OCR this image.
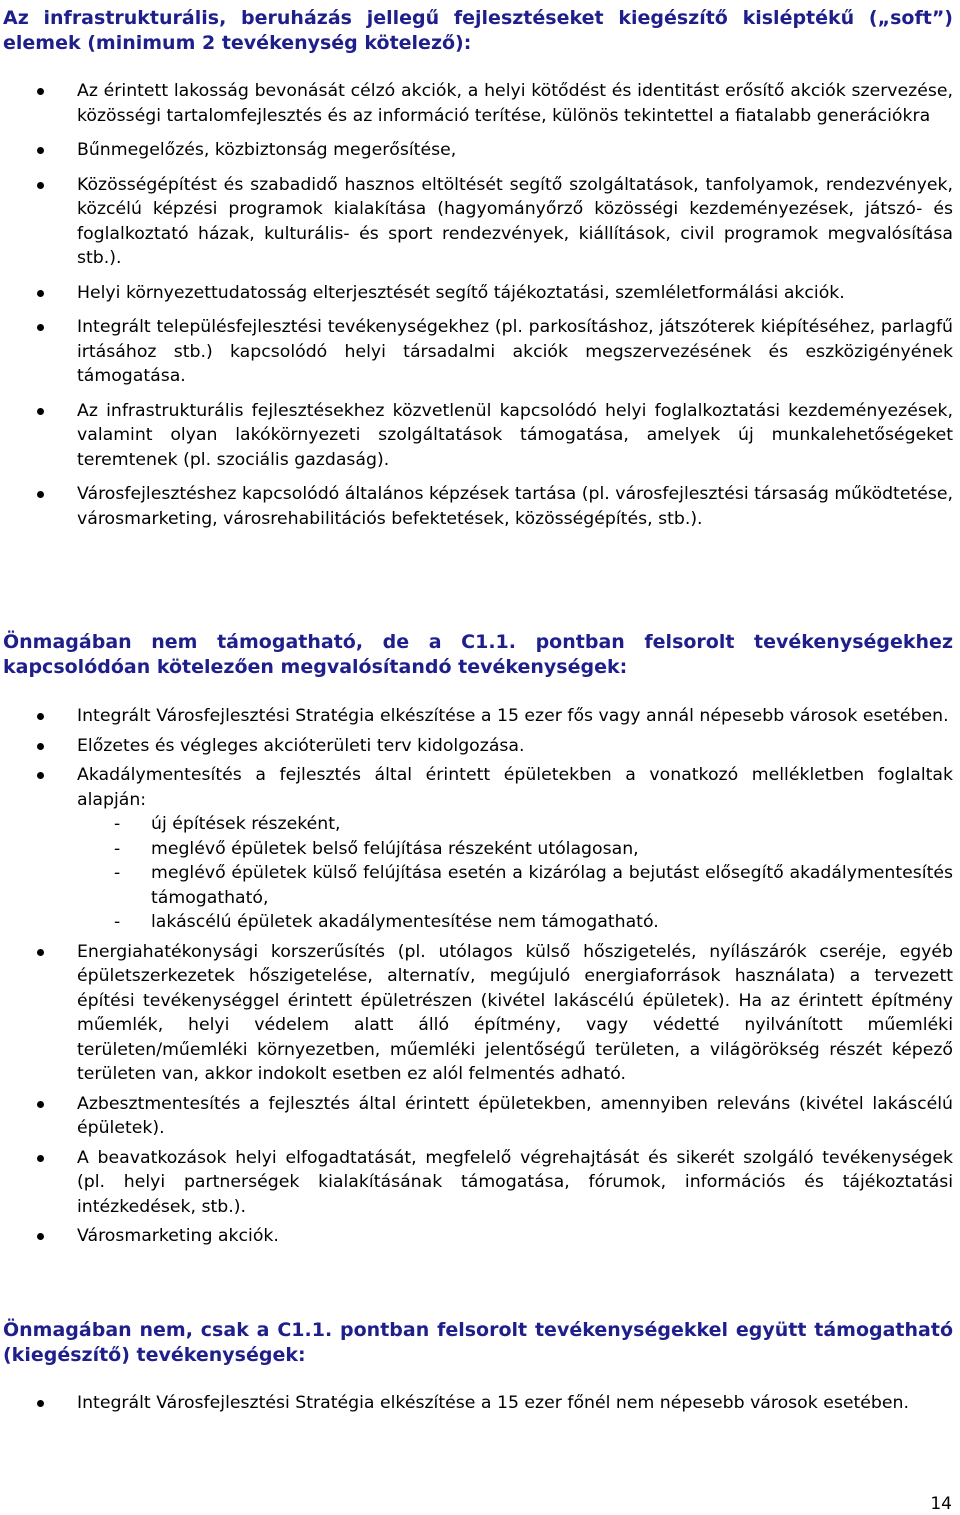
Az infrastrukturális, beruházás jellegű fejlesztéseket kiegészítő kisléptékű („soft”) elemek (minimum 2 tevékenység kötelező):
Az érintett lakosság bevonását célzó akciók, a helyi kötődést és identitást erősítő akciók szervezése, közösségi tartalomfejlesztés és az információ terítése, különös tekintettel a fiatalabb generációkra
Bűnmegelőzés, közbiztonság megerősítése,
Közösségépítést és szabadidő hasznos eltöltését segítő szolgáltatások, tanfolyamok, rendezvények, közcélú képzési programok kialakítása (hagyományőrző közösségi kezdeményezések, játszó- és foglalkoztató házak, kulturális- és sport rendezvények, kiállítások, civil programok megvalósítása stb.).
Helyi környezettudatosság elterjesztését segítő tájékoztatási, szemléletformálási akciók.
Integrált településfejlesztési tevékenységekhez (pl. parkosításhoz, játszóterek kiépítéséhez, parlagfű irtásához stb.) kapcsolódó helyi társadalmi akciók megszervezésének és eszközigényének támogatása.
Az infrastrukturális fejlesztésekhez közvetlenül kapcsolódó helyi foglalkoztatási kezdeményezések, valamint olyan lakókörnyezeti szolgáltatások támogatása, amelyek új munkalehetőségeket teremtenek (pl. szociális gazdaság).
Városfejlesztéshez kapcsolódó általános képzések tartása (pl. városfejlesztési társaság működtetése, városmarketing, városrehabilitációs befektetések, közösségépítés, stb.).
Önmagában nem támogatható, de a C1.1. pontban felsorolt tevékenységekhez kapcsolódóan kötelezően megvalósítandó tevékenységek:
Integrált Városfejlesztési Stratégia elkészítése a 15 ezer fős vagy annál népesebb városok esetében.
Előzetes és végleges akcióterületi terv kidolgozása.
Akadálymentesítés a fejlesztés által érintett épületekben a vonatkozó mellékletben foglaltak alapján:
- új építések részeként,
- meglévő épületek belső felújítása részeként utólagosan,
- meglévő épületek külső felújítása esetén a kizárólag a bejutást elősegítő akadálymentesítés támogatható,
- lakáscélú épületek akadálymentesítése nem támogatható.
Energiahatékonysági korszerűsítés (pl. utólagos külső hőszigetelés, nyílászárók cseréje, egyéb épületszerkezetek hőszigetelése, alternatív, megújuló energiaforrások használata) a tervezett építési tevékenységgel érintett épületrészen (kivétel lakáscélú épületek). Ha az érintett építmény műemlék, helyi védelem alatt álló építmény, vagy védetté nyilvánított műemléki területen/műemléki környezetben, műemléki jelentőségű területen, a világörökség részét képező területen van, akkor indokolt esetben ez alól felmentés adható.
Azbesztmentesítés a fejlesztés által érintett épületekben, amennyiben releváns (kivétel lakáscélú épületek).
A beavatkozások helyi elfogadtatását, megfelelő végrehajtását és sikerét szolgáló tevékenységek (pl. helyi partnerségek kialakításának támogatása, fórumok, információs és tájékoztatási intézkedések, stb.).
Városmarketing akciók.
Önmagában nem, csak a C1.1. pontban felsorolt tevékenységekkel együtt támogatható (kiegészítő) tevékenységek:
Integrált Városfejlesztési Stratégia elkészítése a 15 ezer főnél nem népesebb városok esetében.
14
